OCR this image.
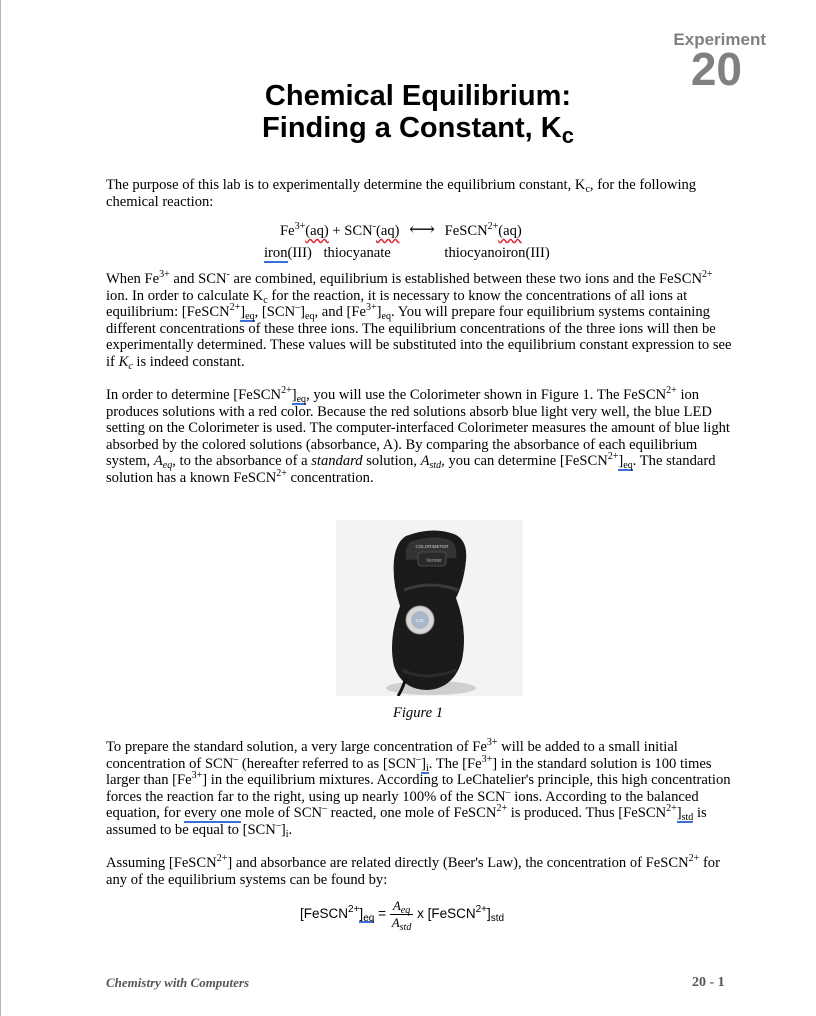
Experiment
20
Chemical Equilibrium:
Finding a Constant, $K_c$
The purpose of this lab is to experimentally determine the equilibrium constant, $K_c$, for the following chemical reaction:
$Fe^{3+}(aq) + SCN^-(aq)$ ⟷ FeSCN$^{2+}$(aq)
iron(III) thiocyanate	thiocyanoiron(III)
When $Fe^{3+}$ and SCN- are combined, equilibrium is established between these two ions and the FeSCN$^{2+}$ ion. In order to calculate $K_c$ for the reaction, it is necessary to know the concentrations of all ions at equilibrium: $[FeSCN^{2+}]_{eq}$, $[SCN^-]_{eq}$, and $[Fe^{3+}]_{eq}$. You will prepare four equilibrium systems containing different concentrations of these three ions. The equilibrium concentrations of the three ions will then be experimentally determined. These values will be substituted into the equilibrium constant expression to see if $K_c$ is indeed constant.
In order to determine $[FeSCN^{2+}]_{eq}$, you will use the Colorimeter shown in Figure 1. The FeSCN$^{2+}$ ion produces solutions with a red color. Because the red solutions absorb blue light very well, the blue LED setting on the Colorimeter is used. The computer-interfaced Colorimeter measures the amount of blue light absorbed by the colored solutions (absorbance, A). By comparing the absorbance of each equilibrium system, $A_{eq}$, to the absorbance of a standard solution, $A_{std}$, you can determine $[FeSCN^{2+}]_{eq}$. The standard solution has a known FeSCN$^{2+}$ concentration.
COLORIMETER
Vernier
CAL
Figure 1
To prepare the standard solution, a very large concentration of $Fe^{3+}$ will be added to a small initial concentration of SCN– (hereafter referred to as $[SCN^-]_i$. The $[Fe^{3+}]$ in the standard solution is 100 times larger than $[Fe^{3+}]$ in the equilibrium mixtures. According to LeChatelier's principle, this high concentration forces the reaction far to the right, using up nearly 100% of the SCN– ions. According to the balanced equation, for every one mole of SCN– reacted, one mole of FeSCN$^{2+}$ is produced. Thus $[FeSCN^{2+}]_{std}$ is assumed to be equal to $[SCN^-]_i$.
Assuming [FeSCN$^{2+}$] and absorbance are related directly (Beer's Law), the concentration of FeSCN$^{2+}$ for any of the equilibrium systems can be found by:
$[FeSCN^{2+}]_{eq} = \frac{A_{eq}}{A_{std}}$ x $[FeSCN^{2+}]_{std}$
Chemistry with Computers	20 - 1
